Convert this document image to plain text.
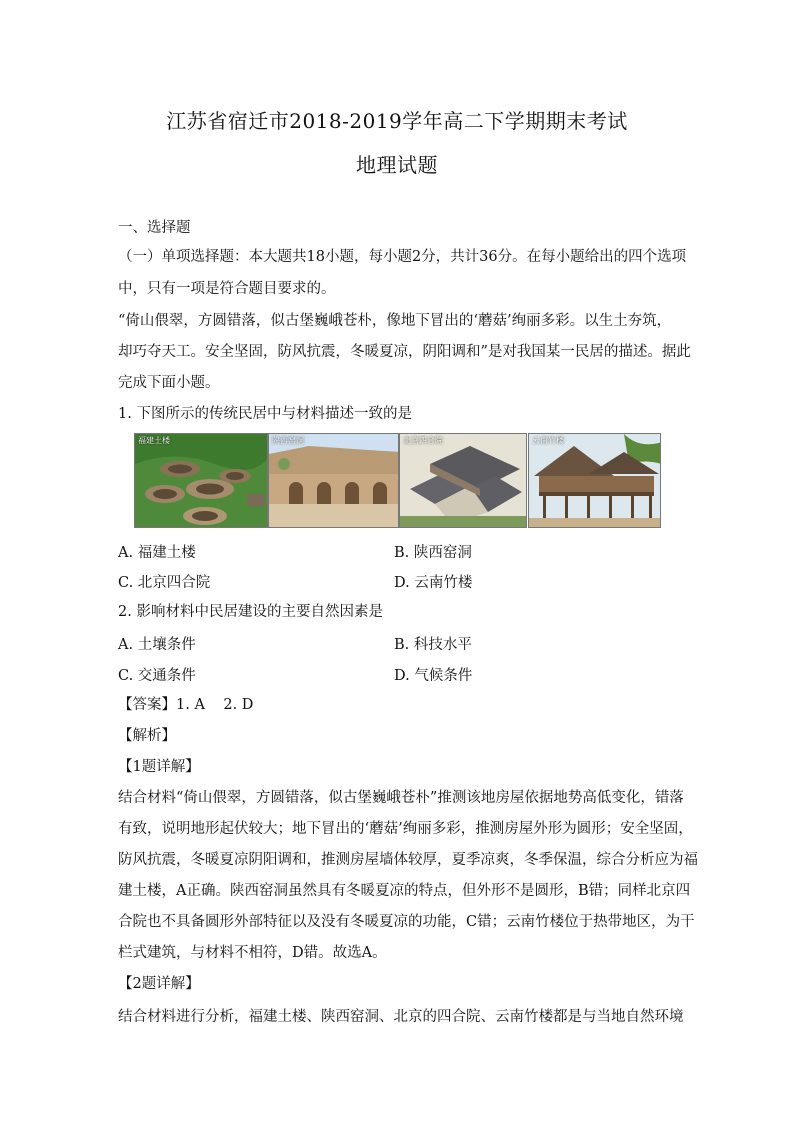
江苏省宿迁市2018-2019学年高二下学期期末考试
地理试题
一、选择题
（一）单项选择题：本大题共18小题，每小题2分，共计36分。在每小题给出的四个选项
中，只有一项是符合题目要求的。
“倚山偎翠，方圆错落，似古堡巍峨苍朴，像地下冒出的‘蘑菇’绚丽多彩。以生土夯筑，
却巧夺天工。安全坚固，防风抗震，冬暖夏凉，阴阳调和”是对我国某一民居的描述。据此
完成下面小题。
1. 下图所示的传统民居中与材料描述一致的是
福建土楼	陕西窑洞	北京四合院	云南竹楼
A. 福建土楼	B. 陕西窑洞
C. 北京四合院	D. 云南竹楼
2. 影响材料中民居建设的主要自然因素是
A. 土壤条件	B. 科技水平
C. 交通条件	D. 气候条件
【答案】1. A    2. D
【解析】
【1题详解】
结合材料“倚山偎翠，方圆错落，似古堡巍峨苍朴”推测该地房屋依据地势高低变化，错落
有致，说明地形起伏较大；地下冒出的‘蘑菇’绚丽多彩，推测房屋外形为圆形；安全坚固，
防风抗震，冬暖夏凉阴阳调和，推测房屋墙体较厚，夏季凉爽，冬季保温，综合分析应为福
建土楼，A正确。陕西窑洞虽然具有冬暖夏凉的特点，但外形不是圆形，B错；同样北京四
合院也不具备圆形外部特征以及没有冬暖夏凉的功能，C错；云南竹楼位于热带地区，为干
栏式建筑，与材料不相符，D错。故选A。
【2题详解】
结合材料进行分析，福建土楼、陕西窑洞、北京的四合院、云南竹楼都是与当地自然环境
